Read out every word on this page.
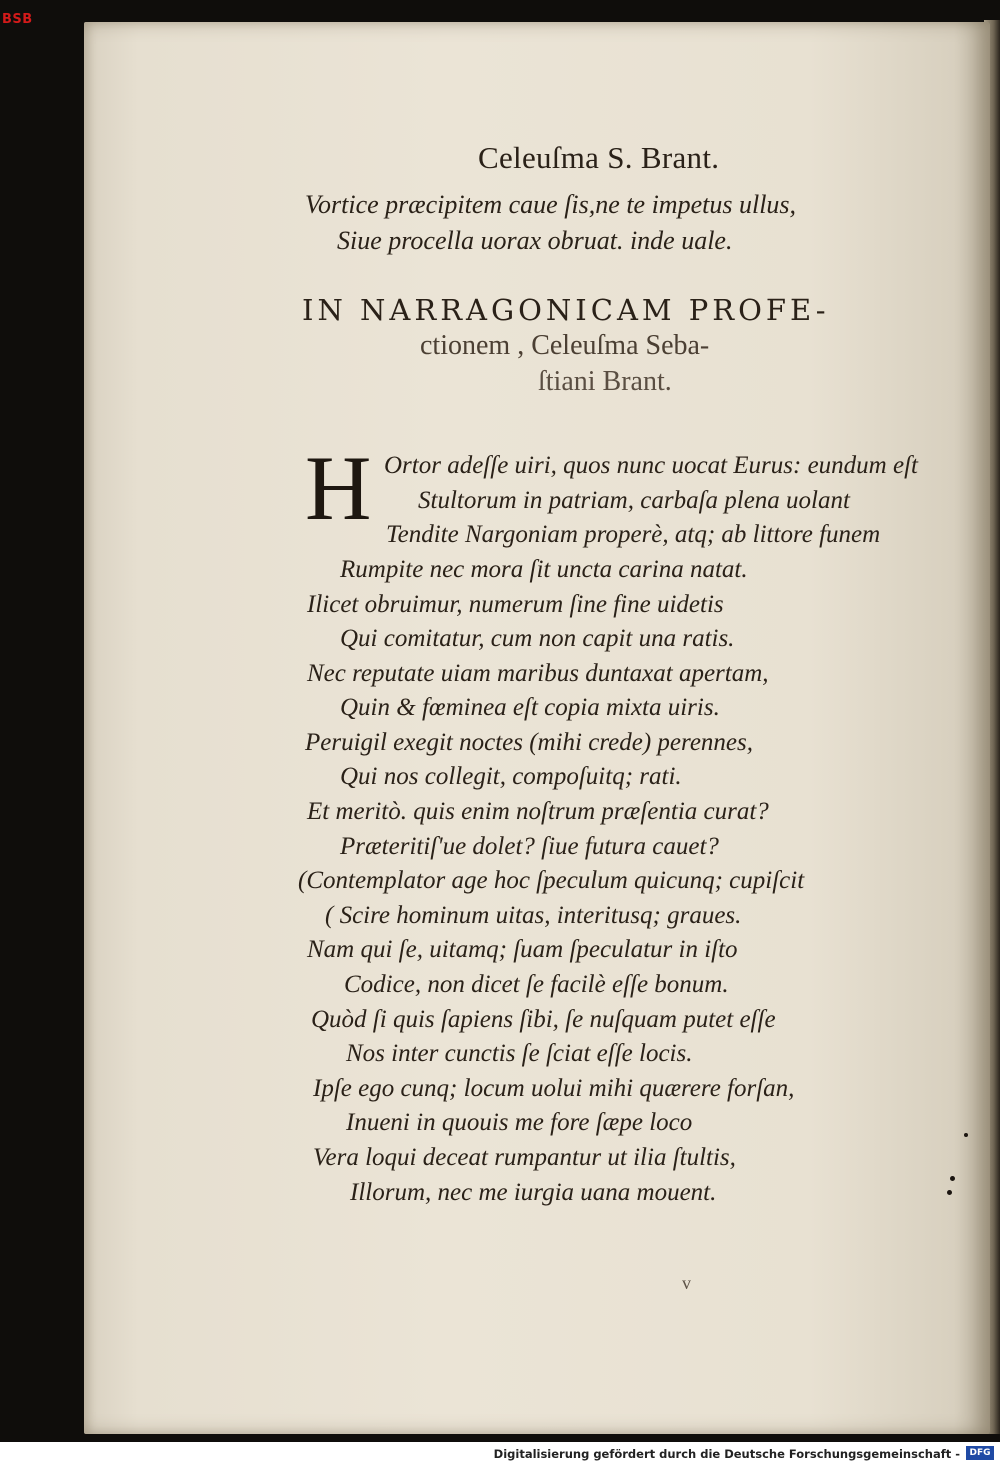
BSB
Celeuſma S. Brant.
Vortice præcipitem caue ſis,ne te impetus ullus,
Siue procella uorax obruat. inde uale.
IN NARRAGONICAM PROFE-
ctionem , Celeuſma Seba-
ſtiani Brant.
H Ortor adeſſe uiri, quos nunc uocat Eurus: eundum eſt
Stultorum in patriam, carbaſa plena uolant
Tendite Nargoniam properè, atq; ab littore funem
Rumpite nec mora ſit uncta carina natat.
Ilicet obruimur, numerum ſine fine uidetis
Qui comitatur, cum non capit una ratis.
Nec reputate uiam maribus duntaxat apertam,
Quin & fœminea eſt copia mixta uiris.
Peruigil exegit noctes (mihi crede) perennes,
Qui nos collegit, compoſuitq; rati.
Et meritò. quis enim noſtrum præſentia curat?
Præteritiſ'ue dolet? ſiue futura cauet?
(Contemplator age hoc ſpeculum quicunq; cupiſcit
( Scire hominum uitas, interitusq; graues.
Nam qui ſe, uitamq; ſuam ſpeculatur in iſto
Codice, non dicet ſe facilè eſſe bonum.
Quòd ſi quis ſapiens ſibi, ſe nuſquam putet eſſe
Nos inter cunctis ſe ſciat eſſe locis.
Ipſe ego cunq; locum uolui mihi quærere forſan,
Inueni in quouis me fore ſæpe loco
Vera loqui deceat rumpantur ut ilia ſtultis,
Illorum, nec me iurgia uana mouent.
v
Digitalisierung gefördert durch die Deutsche Forschungsgemeinschaft -	DFG
